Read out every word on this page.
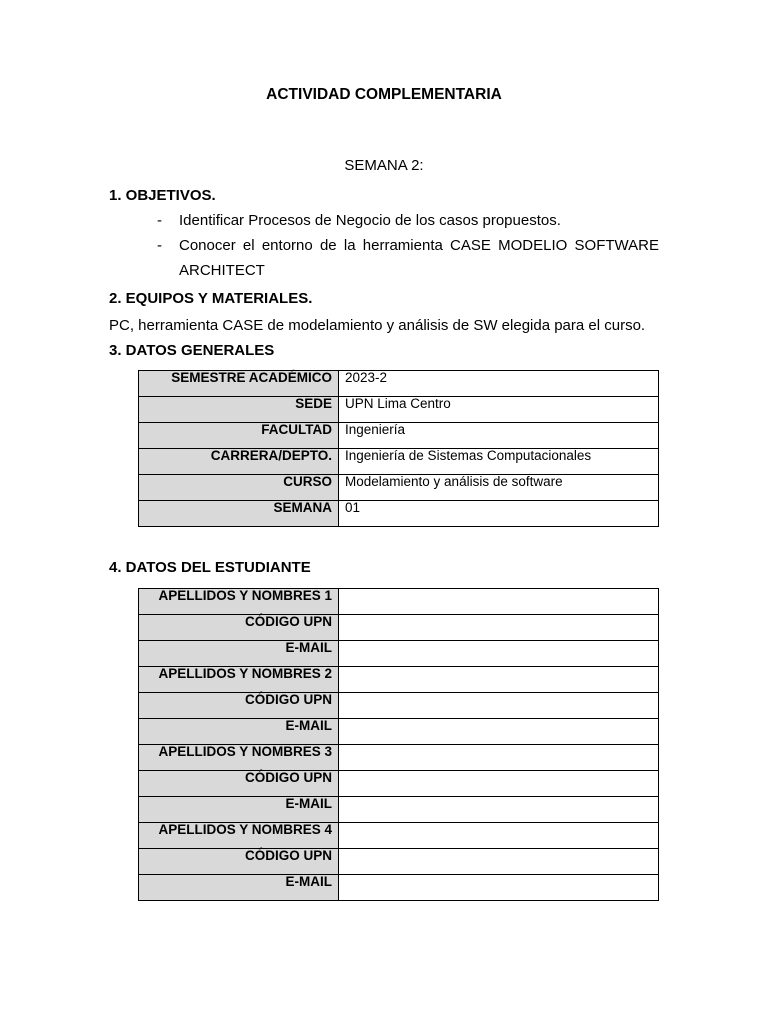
ACTIVIDAD COMPLEMENTARIA
SEMANA 2:
1. OBJETIVOS.
- Identificar Procesos de Negocio de los casos propuestos.
- Conocer el entorno de la herramienta CASE MODELIO SOFTWARE ARCHITECT
2. EQUIPOS Y MATERIALES.
PC, herramienta CASE de modelamiento y análisis de SW elegida para el curso.
3. DATOS GENERALES
SEMESTRE ACADÉMICO	2023-2
SEDE	UPN Lima Centro
FACULTAD	Ingeniería
CARRERA/DEPTO.	Ingeniería de Sistemas Computacionales
CURSO	Modelamiento y análisis de software
SEMANA	01
4. DATOS DEL ESTUDIANTE
APELLIDOS Y NOMBRES 1	
CÓDIGO UPN	
E-MAIL	
APELLIDOS Y NOMBRES 2	
CÓDIGO UPN	
E-MAIL	
APELLIDOS Y NOMBRES 3	
CÓDIGO UPN	
E-MAIL	
APELLIDOS Y NOMBRES 4	
CÓDIGO UPN	
E-MAIL	
